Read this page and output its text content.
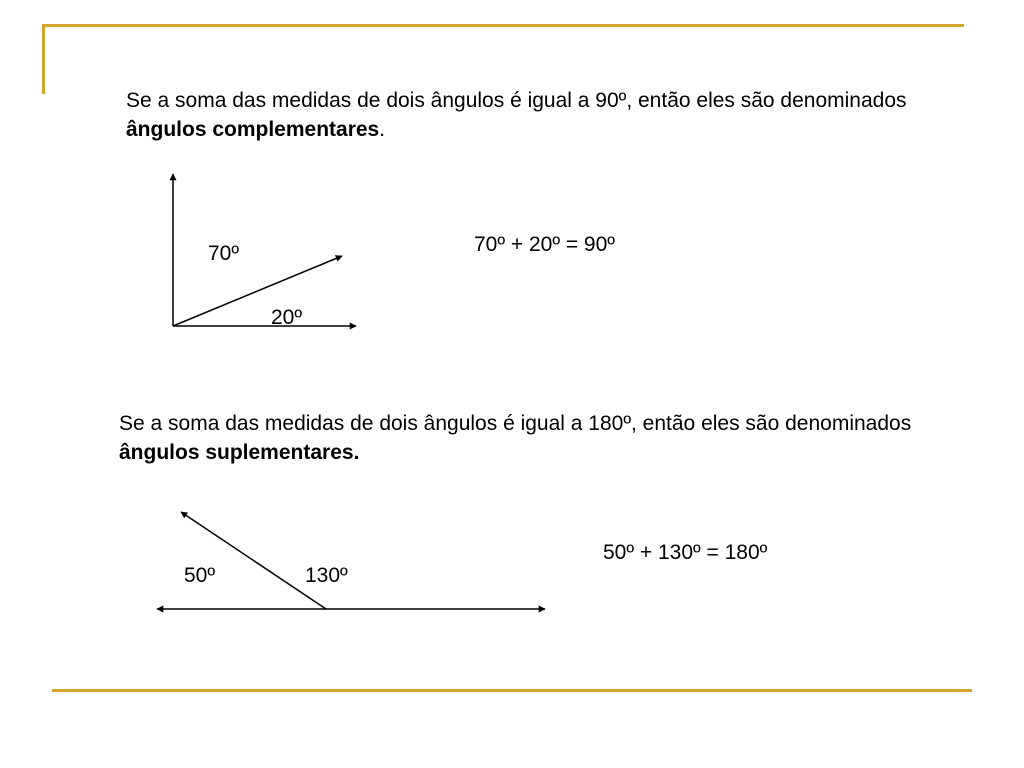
Se a soma das medidas de dois ângulos é igual a 90º, então eles são denominados ângulos complementares.

70º
20º
70º + 20º = 90º

Se a soma das medidas de dois ângulos é igual a 180º, então eles são denominados ângulos suplementares.

50º	130º
50º + 130º = 180º
